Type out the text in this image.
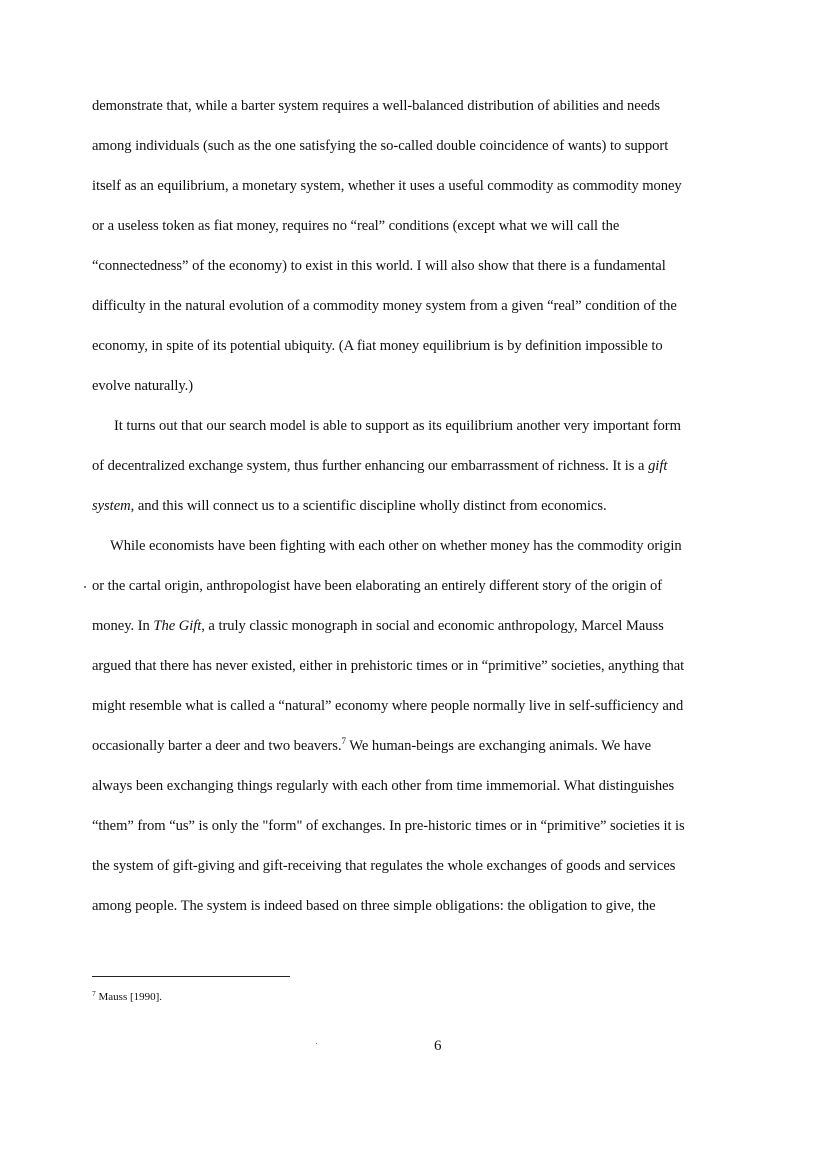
demonstrate that, while a barter system requires a well-balanced distribution of abilities and needs
among individuals (such as the one satisfying the so-called double coincidence of wants) to support
itself as an equilibrium, a monetary system, whether it uses a useful commodity as commodity money
or a useless token as fiat money, requires no “real” conditions (except what we will call the
“connectedness” of the economy) to exist in this world. I will also show that there is a fundamental
difficulty in the natural evolution of a commodity money system from a given “real” condition of the
economy, in spite of its potential ubiquity. (A fiat money equilibrium is by definition impossible to
evolve naturally.)
It turns out that our search model is able to support as its equilibrium another very important form
of decentralized exchange system, thus further enhancing our embarrassment of richness. It is a gift
system, and this will connect us to a scientific discipline wholly distinct from economics.
While economists have been fighting with each other on whether money has the commodity origin
or the cartal origin, anthropologist have been elaborating an entirely different story of the origin of
money. In The Gift, a truly classic monograph in social and economic anthropology, Marcel Mauss
argued that there has never existed, either in prehistoric times or in “primitive” societies, anything that
might resemble what is called a “natural” economy where people normally live in self-sufficiency and
occasionally barter a deer and two beavers.$^7$ We human-beings are exchanging animals. We have
always been exchanging things regularly with each other from time immemorial. What distinguishes
“them” from “us” is only the "form" of exchanges. In pre-historic times or in “primitive” societies it is
the system of gift-giving and gift-receiving that regulates the whole exchanges of goods and services
among people. The system is indeed based on three simple obligations: the obligation to give, the
$^7$ Mauss [1990].
6
